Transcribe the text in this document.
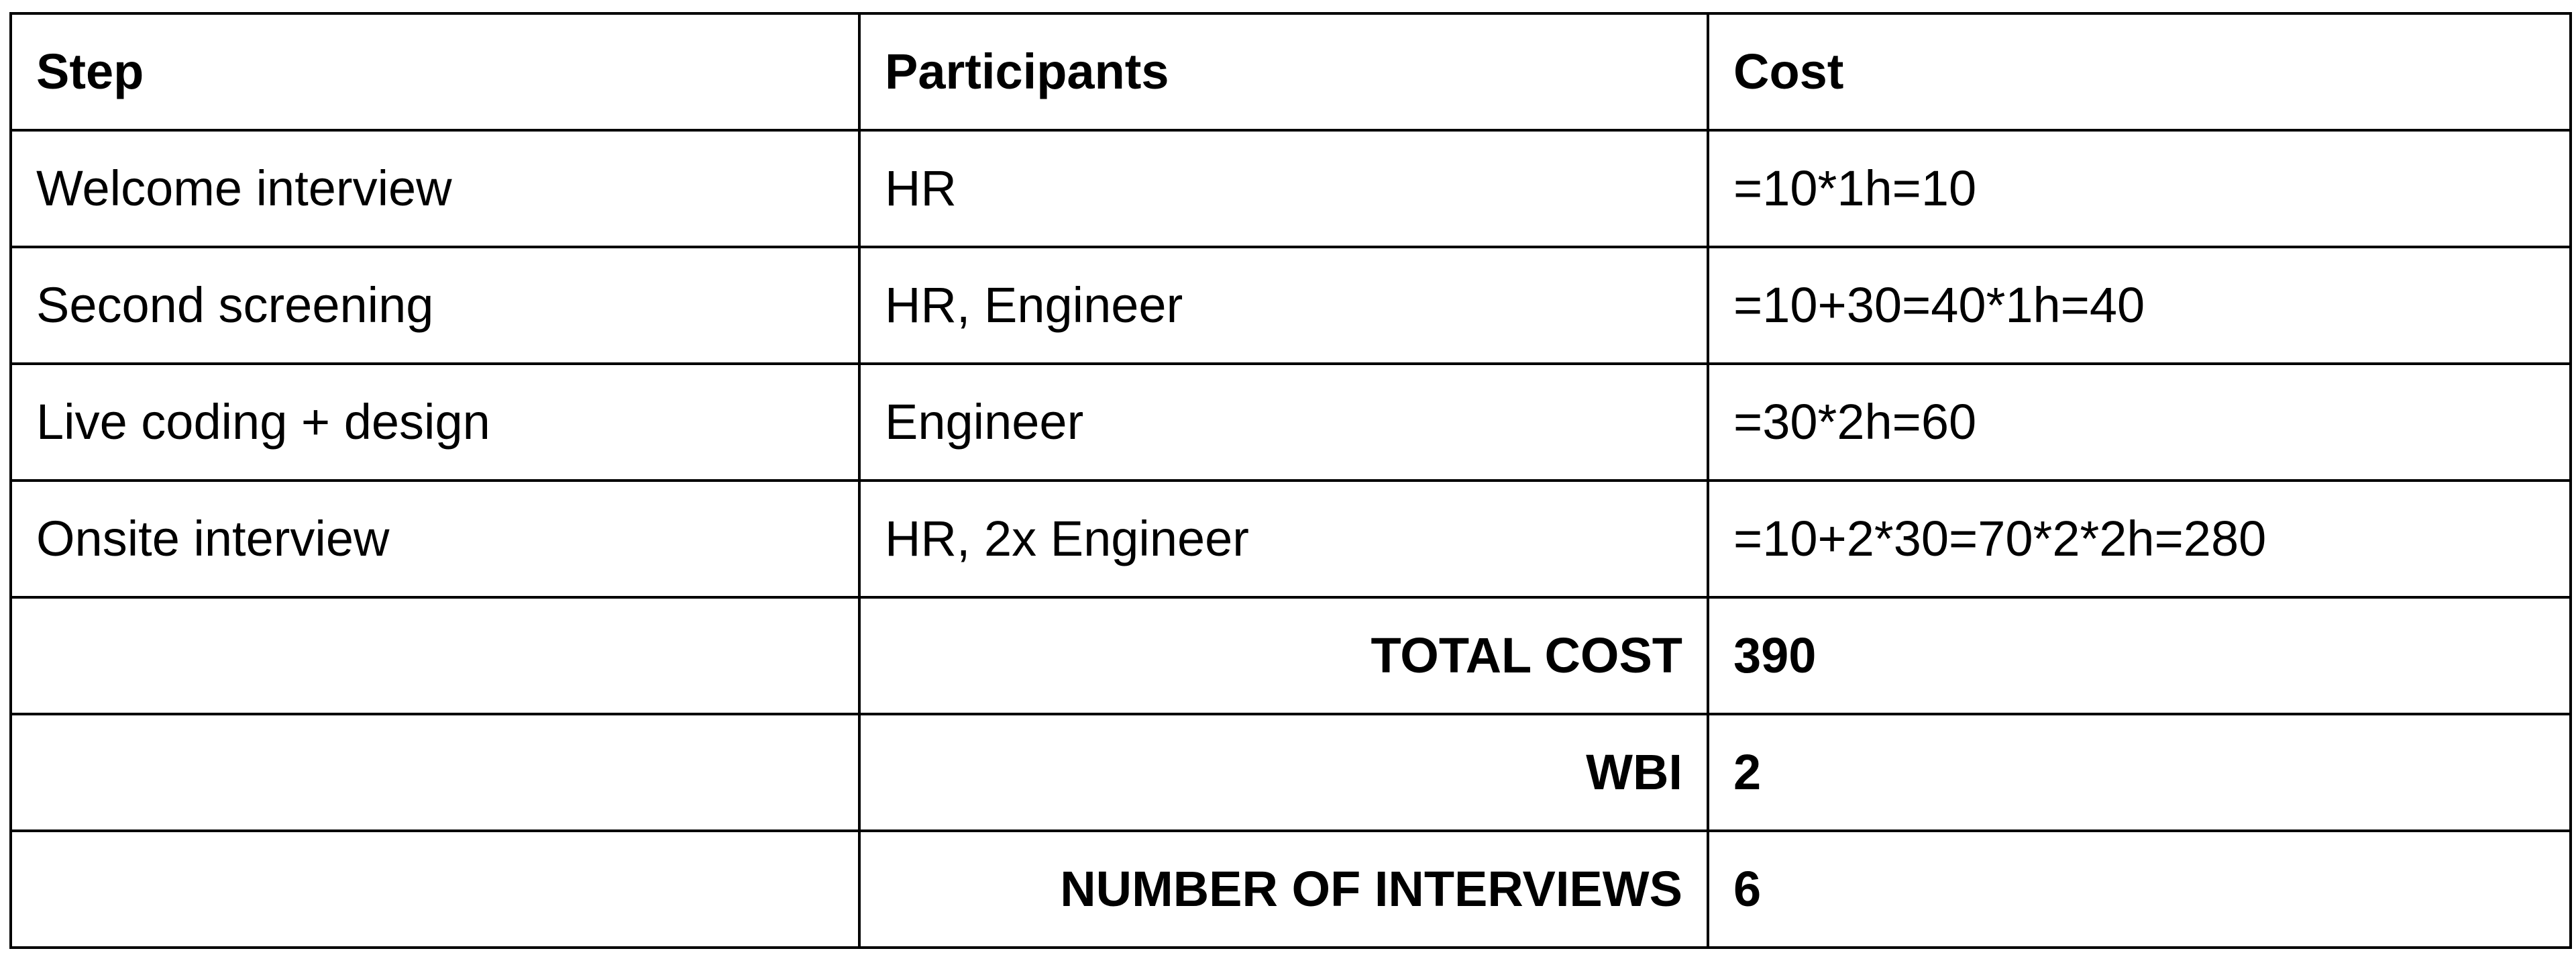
Step	Participants	Cost
Welcome interview	HR	=10*1h=10
Second screening	HR, Engineer	=10+30=40*1h=40
Live coding + design	Engineer	=30*2h=60
Onsite interview	HR, 2x Engineer	=10+2*30=70*2*2h=280
	TOTAL COST	390
	WBI	2
	NUMBER OF INTERVIEWS	6
